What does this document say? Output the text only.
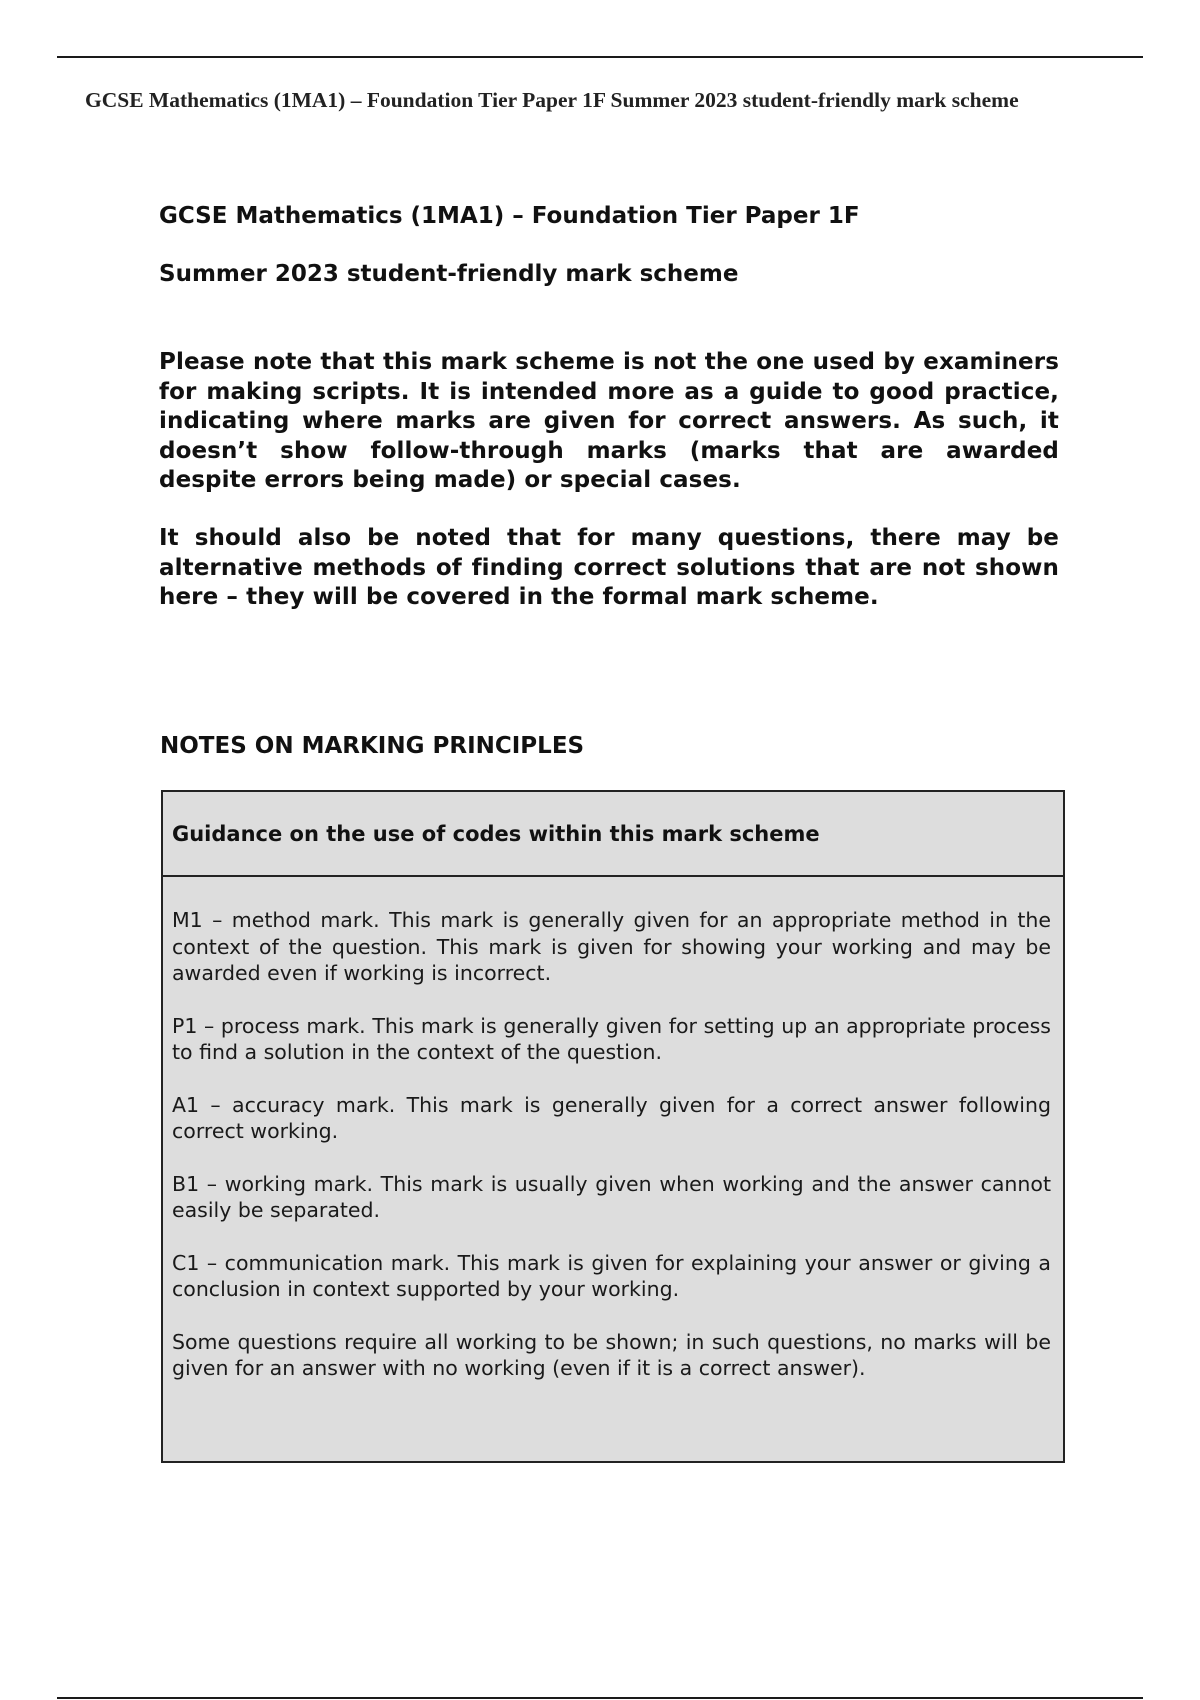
GCSE Mathematics (1MA1) – Foundation Tier Paper 1F Summer 2023 student-friendly mark scheme
GCSE Mathematics (1MA1) – Foundation Tier Paper 1F
Summer 2023 student-friendly mark scheme

Please note that this mark scheme is not the one used by examiners for making scripts. It is intended more as a guide to good practice, indicating where marks are given for correct answers. As such, it doesn’t show follow-through marks (marks that are awarded despite errors being made) or special cases.

It should also be noted that for many questions, there may be alternative methods of finding correct solutions that are not shown here – they will be covered in the formal mark scheme.

NOTES ON MARKING PRINCIPLES
Guidance on the use of codes within this mark scheme

M1 – method mark. This mark is generally given for an appropriate method in the context of the question. This mark is given for showing your working and may be awarded even if working is incorrect.

P1 – process mark. This mark is generally given for setting up an appropriate process to find a solution in the context of the question.

A1 – accuracy mark. This mark is generally given for a correct answer following correct working.

B1 – working mark. This mark is usually given when working and the answer cannot easily be separated.

C1 – communication mark. This mark is given for explaining your answer or giving a conclusion in context supported by your working.

Some questions require all working to be shown; in such questions, no marks will be given for an answer with no working (even if it is a correct answer).
